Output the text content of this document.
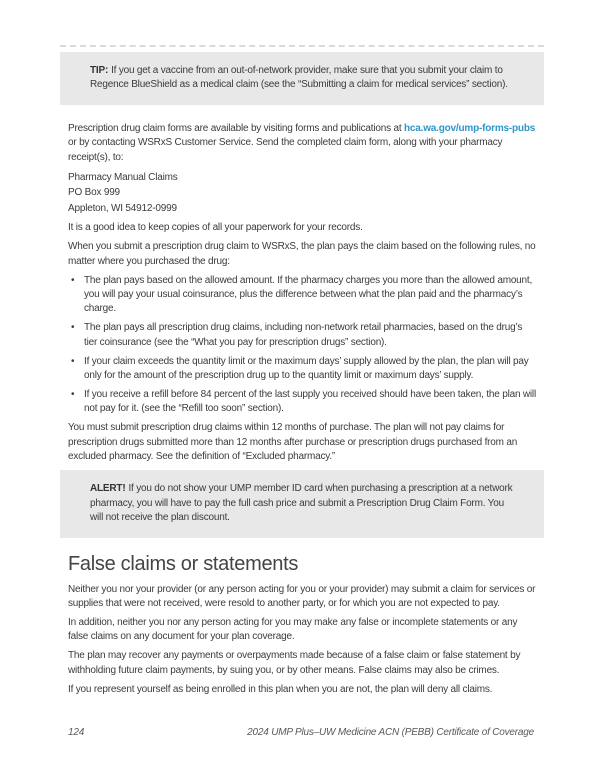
TIP: If you get a vaccine from an out-of-network provider, make sure that you submit your claim to Regence BlueShield as a medical claim (see the “Submitting a claim for medical services” section).

Prescription drug claim forms are available by visiting forms and publications at hca.wa.gov/ump-forms-pubs or by contacting WSRxS Customer Service. Send the completed claim form, along with your pharmacy receipt(s), to:

Pharmacy Manual Claims
PO Box 999
Appleton, WI 54912-0999

It is a good idea to keep copies of all your paperwork for your records.

When you submit a prescription drug claim to WSRxS, the plan pays the claim based on the following rules, no matter where you purchased the drug:

• The plan pays based on the allowed amount. If the pharmacy charges you more than the allowed amount, you will pay your usual coinsurance, plus the difference between what the plan paid and the pharmacy’s charge.
• The plan pays all prescription drug claims, including non-network retail pharmacies, based on the drug’s tier coinsurance (see the “What you pay for prescription drugs” section).
• If your claim exceeds the quantity limit or the maximum days’ supply allowed by the plan, the plan will pay only for the amount of the prescription drug up to the quantity limit or maximum days’ supply.
• If you receive a refill before 84 percent of the last supply you received should have been taken, the plan will not pay for it. (see the “Refill too soon” section).

You must submit prescription drug claims within 12 months of purchase. The plan will not pay claims for prescription drugs submitted more than 12 months after purchase or prescription drugs purchased from an excluded pharmacy. See the definition of “Excluded pharmacy.”

ALERT! If you do not show your UMP member ID card when purchasing a prescription at a network pharmacy, you will have to pay the full cash price and submit a Prescription Drug Claim Form. You will not receive the plan discount.

False claims or statements

Neither you nor your provider (or any person acting for you or your provider) may submit a claim for services or supplies that were not received, were resold to another party, or for which you are not expected to pay.

In addition, neither you nor any person acting for you may make any false or incomplete statements or any false claims on any document for your plan coverage.

The plan may recover any payments or overpayments made because of a false claim or false statement by withholding future claim payments, by suing you, or by other means. False claims may also be crimes.

If you represent yourself as being enrolled in this plan when you are not, the plan will deny all claims.

124	2024 UMP Plus–UW Medicine ACN (PEBB) Certificate of Coverage
